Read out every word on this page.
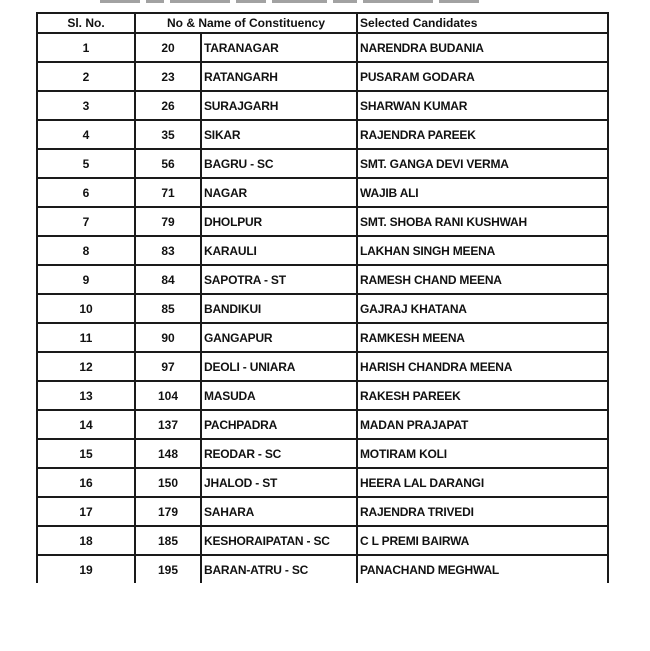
Sl. No.	No & Name of Constituency		Selected Candidates
1	20	TARANAGAR	NARENDRA BUDANIA
2	23	RATANGARH	PUSARAM GODARA
3	26	SURAJGARH	SHARWAN KUMAR
4	35	SIKAR	RAJENDRA PAREEK
5	56	BAGRU - SC	SMT. GANGA DEVI VERMA
6	71	NAGAR	WAJIB ALI
7	79	DHOLPUR	SMT. SHOBA RANI KUSHWAH
8	83	KARAULI	LAKHAN SINGH MEENA
9	84	SAPOTRA - ST	RAMESH CHAND MEENA
10	85	BANDIKUI	GAJRAJ KHATANA
11	90	GANGAPUR	RAMKESH MEENA
12	97	DEOLI - UNIARA	HARISH CHANDRA MEENA
13	104	MASUDA	RAKESH PAREEK
14	137	PACHPADRA	MADAN PRAJAPAT
15	148	REODAR - SC	MOTIRAM KOLI
16	150	JHALOD - ST	HEERA LAL DARANGI
17	179	SAHARA	RAJENDRA TRIVEDI
18	185	KESHORAIPATAN - SC	C L PREMI BAIRWA
19	195	BARAN-ATRU - SC	PANACHAND MEGHWAL
